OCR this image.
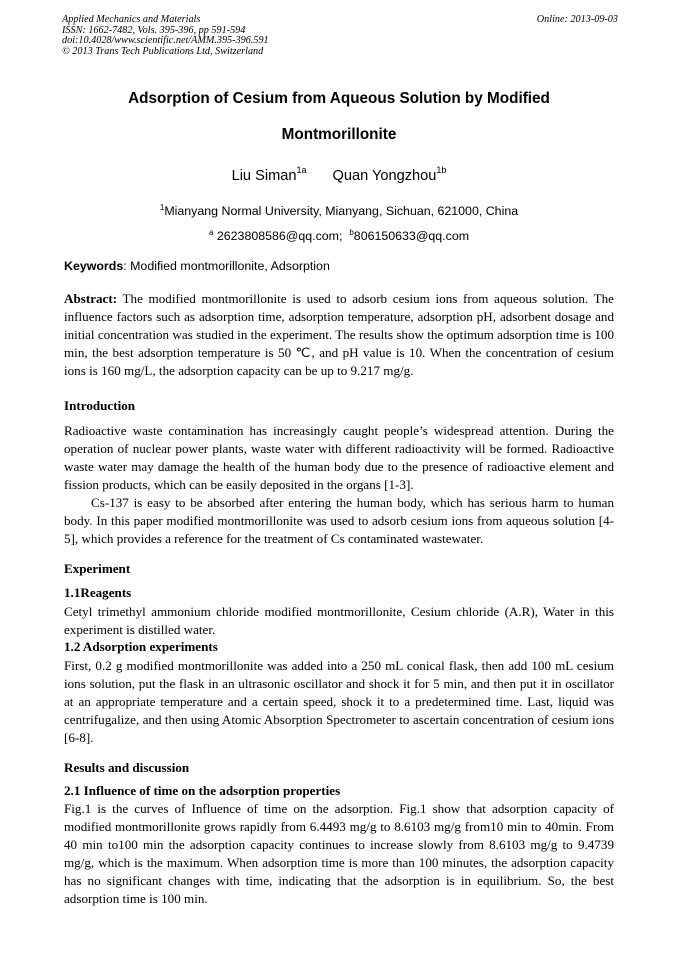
Applied Mechanics and Materials	Online: 2013-09-03
ISSN: 1662-7482, Vols. 395-396, pp 591-594
doi:10.4028/www.scientific.net/AMM.395-396.591
© 2013 Trans Tech Publications Ltd, Switzerland
Adsorption of Cesium from Aqueous Solution by Modified
Montmorillonite
Liu Siman$^{1a}$ Quan Yongzhou$^{1b}$
$^1$Mianyang Normal University, Mianyang, Sichuan, 621000, China
$^a$ 2623808586@qq.com; $^b$806150633@qq.com
Keywords: Modified montmorillonite, Adsorption

Abstract: The modified montmorillonite is used to adsorb cesium ions from aqueous solution. The influence factors such as adsorption time, adsorption temperature, adsorption pH, adsorbent dosage and initial concentration was studied in the experiment. The results show the optimum adsorption time is 100 min, the best adsorption temperature is 50 ℃, and pH value is 10. When the concentration of cesium ions is 160 mg/L, the adsorption capacity can be up to 9.217 mg/g.

Introduction

Radioactive waste contamination has increasingly caught people’s widespread attention. During the operation of nuclear power plants, waste water with different radioactivity will be formed. Radioactive waste water may damage the health of the human body due to the presence of radioactive element and fission products, which can be easily deposited in the organs [1-3].

Cs-137 is easy to be absorbed after entering the human body, which has serious harm to human body. In this paper modified montmorillonite was used to adsorb cesium ions from aqueous solution [4-5], which provides a reference for the treatment of Cs contaminated wastewater.

Experiment
1.1Reagents
Cetyl trimethyl ammonium chloride modified montmorillonite, Cesium chloride (A.R), Water in this experiment is distilled water.
1.2 Adsorption experiments
First, 0.2 g modified montmorillonite was added into a 250 mL conical flask, then add 100 mL cesium ions solution, put the flask in an ultrasonic oscillator and shock it for 5 min, and then put it in oscillator at an appropriate temperature and a certain speed, shock it to a predetermined time. Last, liquid was centrifugalize, and then using Atomic Absorption Spectrometer to ascertain concentration of cesium ions [6-8].
Results and discussion
2.1 Influence of time on the adsorption properties
Fig.1 is the curves of Influence of time on the adsorption. Fig.1 show that adsorption capacity of modified montmorillonite grows rapidly from 6.4493 mg/g to 8.6103 mg/g from10 min to 40min. From 40 min to100 min the adsorption capacity continues to increase slowly from 8.6103 mg/g to 9.4739 mg/g, which is the maximum. When adsorption time is more than 100 minutes, the adsorption capacity has no significant changes with time, indicating that the adsorption is in equilibrium. So, the best adsorption time is 100 min.
